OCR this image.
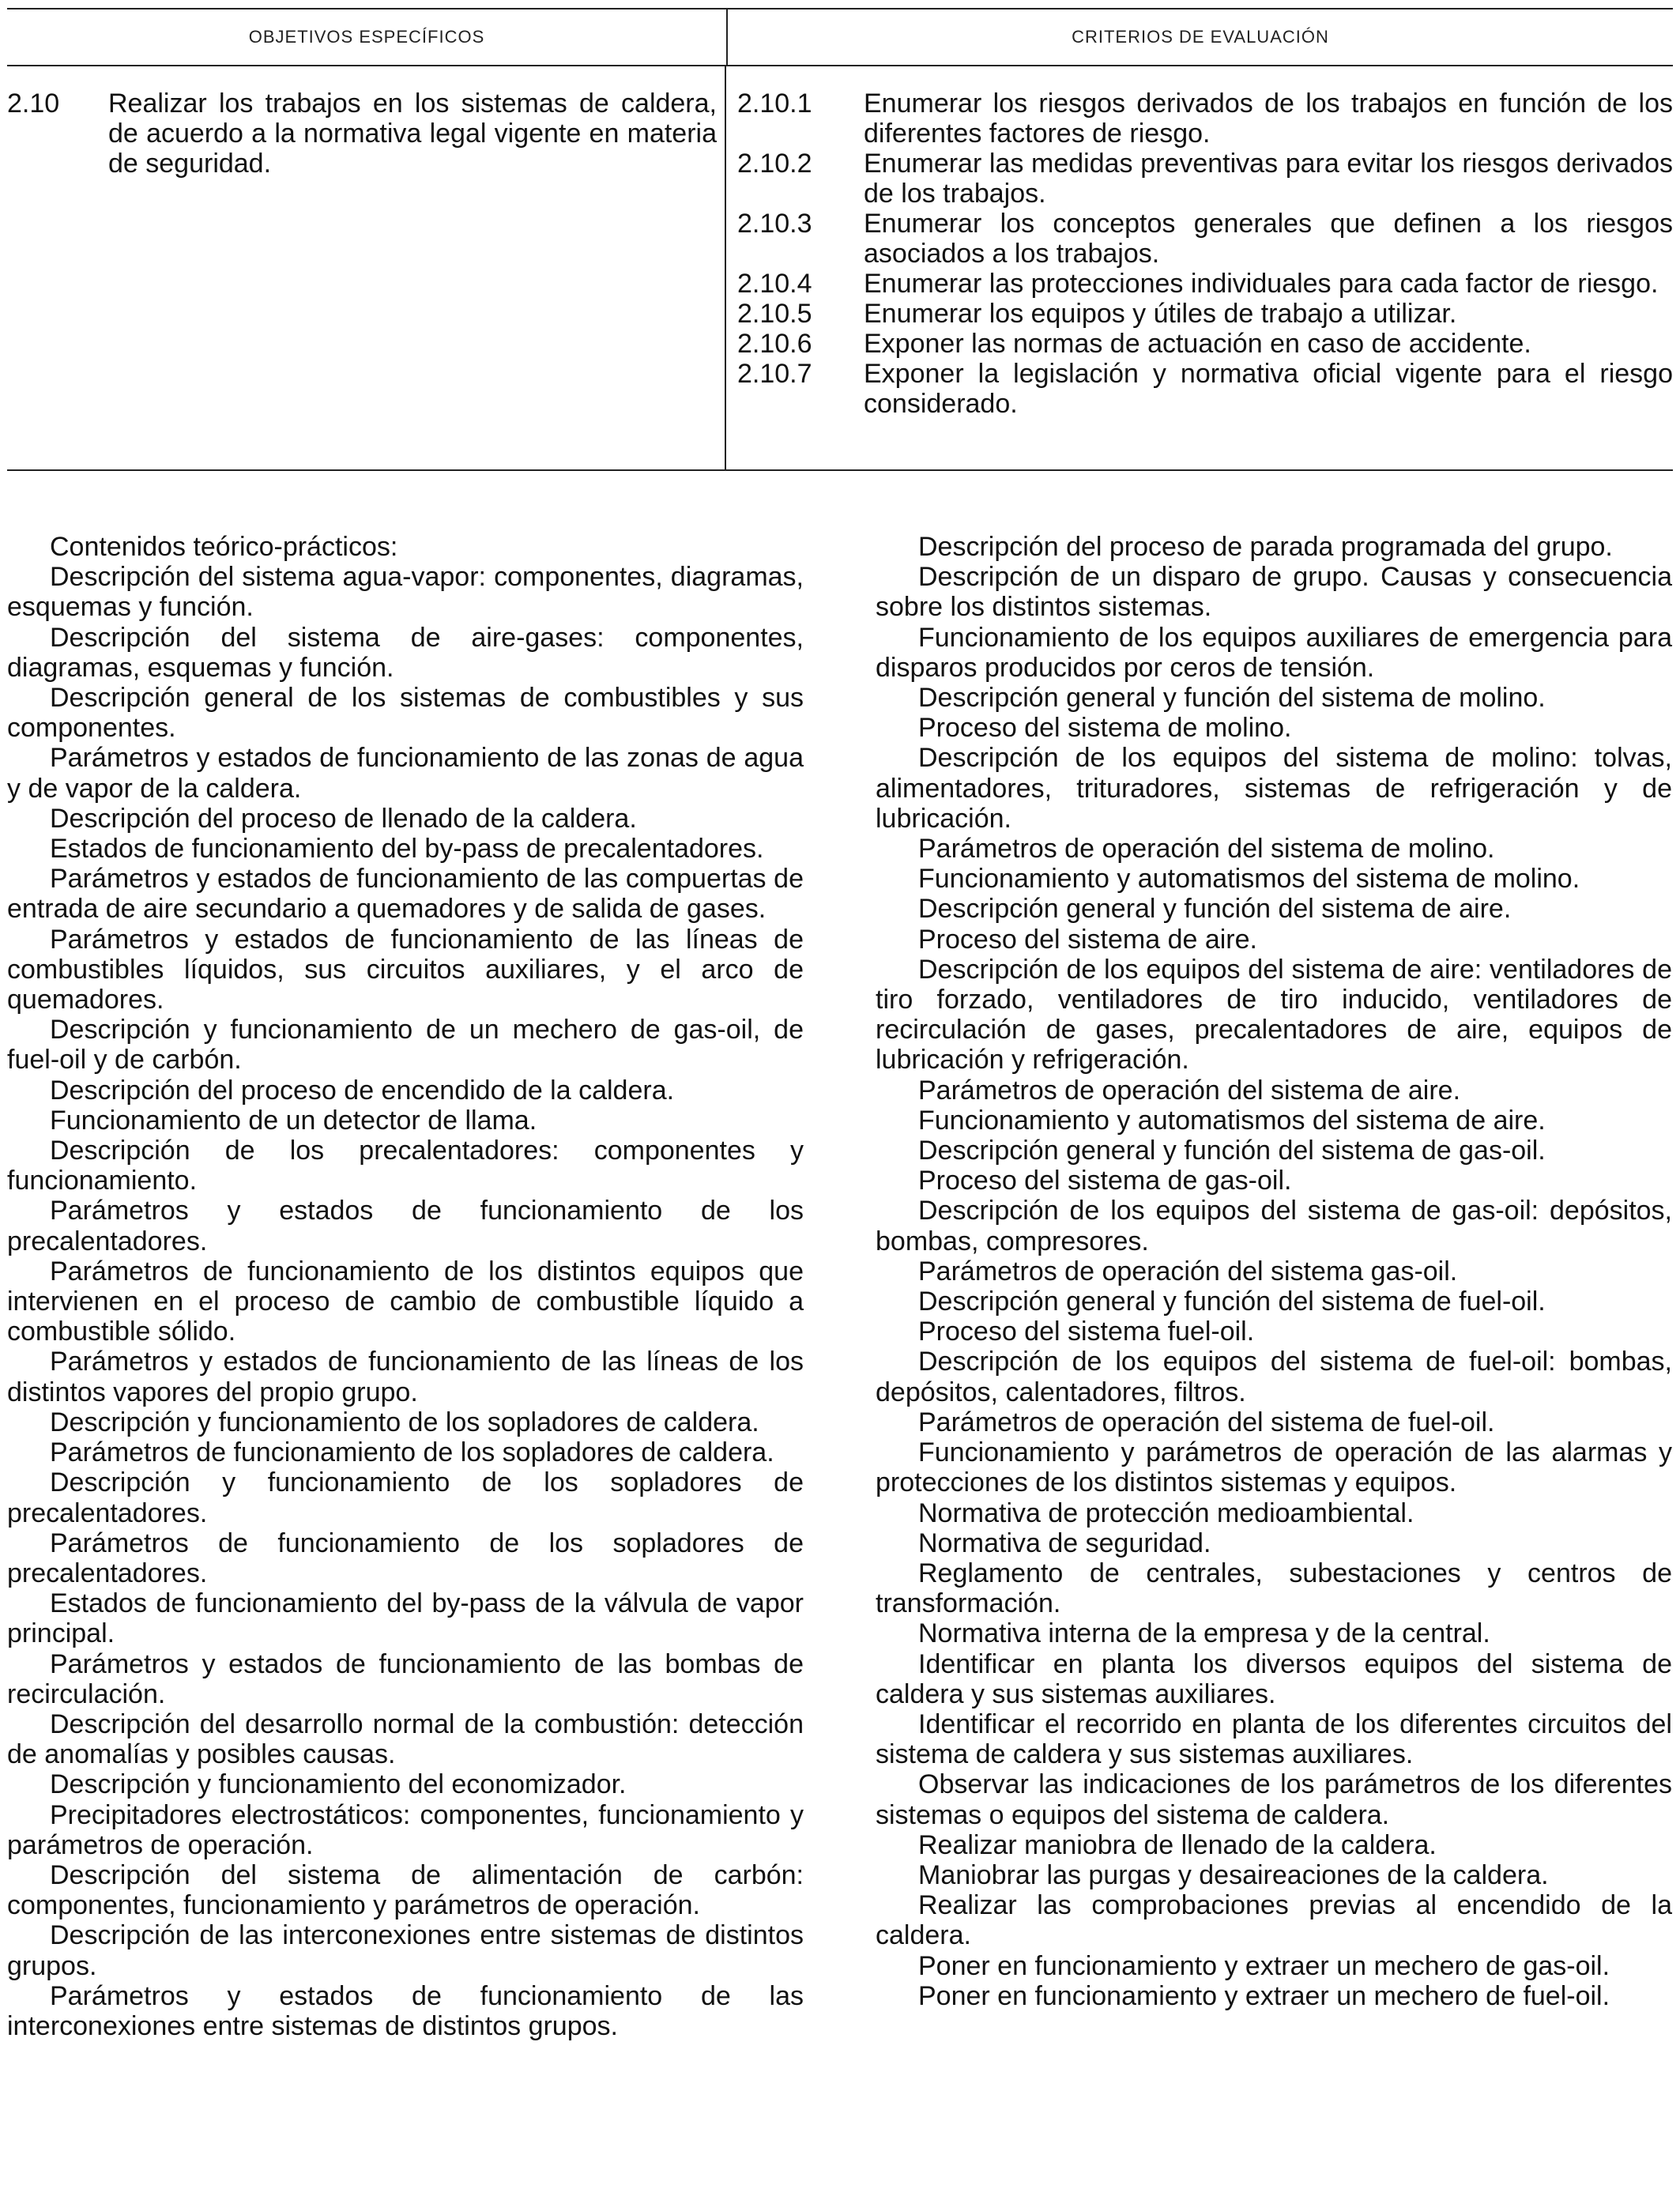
OBJETIVOS ESPECÍFICOS	CRITERIOS DE EVALUACIÓN
2.10	Realizar los trabajos en los sistemas de caldera, de acuerdo a la normativa legal vigente en materia de seguridad.
2.10.1	Enumerar los riesgos derivados de los trabajos en función de los diferentes factores de riesgo.
2.10.2	Enumerar las medidas preventivas para evitar los riesgos derivados de los trabajos.
2.10.3	Enumerar los conceptos generales que definen a los riesgos asociados a los trabajos.
2.10.4	Enumerar las protecciones individuales para cada factor de riesgo.
2.10.5	Enumerar los equipos y útiles de trabajo a utilizar.
2.10.6	Exponer las normas de actuación en caso de accidente.
2.10.7	Exponer la legislación y normativa oficial vigente para el riesgo considerado.

Contenidos teórico-prácticos:

Descripción del sistema agua-vapor: componentes, diagramas, esquemas y función.

Descripción del sistema de aire-gases: componentes, diagramas, esquemas y función.

Descripción general de los sistemas de combustibles y sus componentes.

Parámetros y estados de funcionamiento de las zonas de agua y de vapor de la caldera.

Descripción del proceso de llenado de la caldera.

Estados de funcionamiento del by-pass de precalentadores.

Parámetros y estados de funcionamiento de las compuertas de entrada de aire secundario a quemadores y de salida de gases.

Parámetros y estados de funcionamiento de las líneas de combustibles líquidos, sus circuitos auxiliares, y el arco de quemadores.

Descripción y funcionamiento de un mechero de gas-oil, de fuel-oil y de carbón.

Descripción del proceso de encendido de la caldera.

Funcionamiento de un detector de llama.

Descripción de los precalentadores: componentes y funcionamiento.

Parámetros y estados de funcionamiento de los precalentadores.

Parámetros de funcionamiento de los distintos equipos que intervienen en el proceso de cambio de combustible líquido a combustible sólido.

Parámetros y estados de funcionamiento de las líneas de los distintos vapores del propio grupo.

Descripción y funcionamiento de los sopladores de caldera.

Parámetros de funcionamiento de los sopladores de caldera.

Descripción y funcionamiento de los sopladores de precalentadores.

Parámetros de funcionamiento de los sopladores de precalentadores.

Estados de funcionamiento del by-pass de la válvula de vapor principal.

Parámetros y estados de funcionamiento de las bombas de recirculación.

Descripción del desarrollo normal de la combustión: detección de anomalías y posibles causas.

Descripción y funcionamiento del economizador.

Precipitadores electrostáticos: componentes, funcionamiento y parámetros de operación.

Descripción del sistema de alimentación de carbón: componentes, funcionamiento y parámetros de operación.

Descripción de las interconexiones entre sistemas de distintos grupos.

Parámetros y estados de funcionamiento de las interconexiones entre sistemas de distintos grupos.

Descripción del proceso de parada programada del grupo.

Descripción de un disparo de grupo. Causas y consecuencia sobre los distintos sistemas.

Funcionamiento de los equipos auxiliares de emergencia para disparos producidos por ceros de tensión.

Descripción general y función del sistema de molino.

Proceso del sistema de molino.

Descripción de los equipos del sistema de molino: tolvas, alimentadores, trituradores, sistemas de refrigeración y de lubricación.

Parámetros de operación del sistema de molino.

Funcionamiento y automatismos del sistema de molino.

Descripción general y función del sistema de aire.

Proceso del sistema de aire.

Descripción de los equipos del sistema de aire: ventiladores de tiro forzado, ventiladores de tiro inducido, ventiladores de recirculación de gases, precalentadores de aire, equipos de lubricación y refrigeración.

Parámetros de operación del sistema de aire.

Funcionamiento y automatismos del sistema de aire.

Descripción general y función del sistema de gas-oil.

Proceso del sistema de gas-oil.

Descripción de los equipos del sistema de gas-oil: depósitos, bombas, compresores.

Parámetros de operación del sistema gas-oil.

Descripción general y función del sistema de fuel-oil.

Proceso del sistema fuel-oil.

Descripción de los equipos del sistema de fuel-oil: bombas, depósitos, calentadores, filtros.

Parámetros de operación del sistema de fuel-oil.

Funcionamiento y parámetros de operación de las alarmas y protecciones de los distintos sistemas y equipos.

Normativa de protección medioambiental.

Normativa de seguridad.

Reglamento de centrales, subestaciones y centros de transformación.

Normativa interna de la empresa y de la central.

Identificar en planta los diversos equipos del sistema de caldera y sus sistemas auxiliares.

Identificar el recorrido en planta de los diferentes circuitos del sistema de caldera y sus sistemas auxiliares.

Observar las indicaciones de los parámetros de los diferentes sistemas o equipos del sistema de caldera.

Realizar maniobra de llenado de la caldera.

Maniobrar las purgas y desaireaciones de la caldera.

Realizar las comprobaciones previas al encendido de la caldera.

Poner en funcionamiento y extraer un mechero de gas-oil.

Poner en funcionamiento y extraer un mechero de fuel-oil.
